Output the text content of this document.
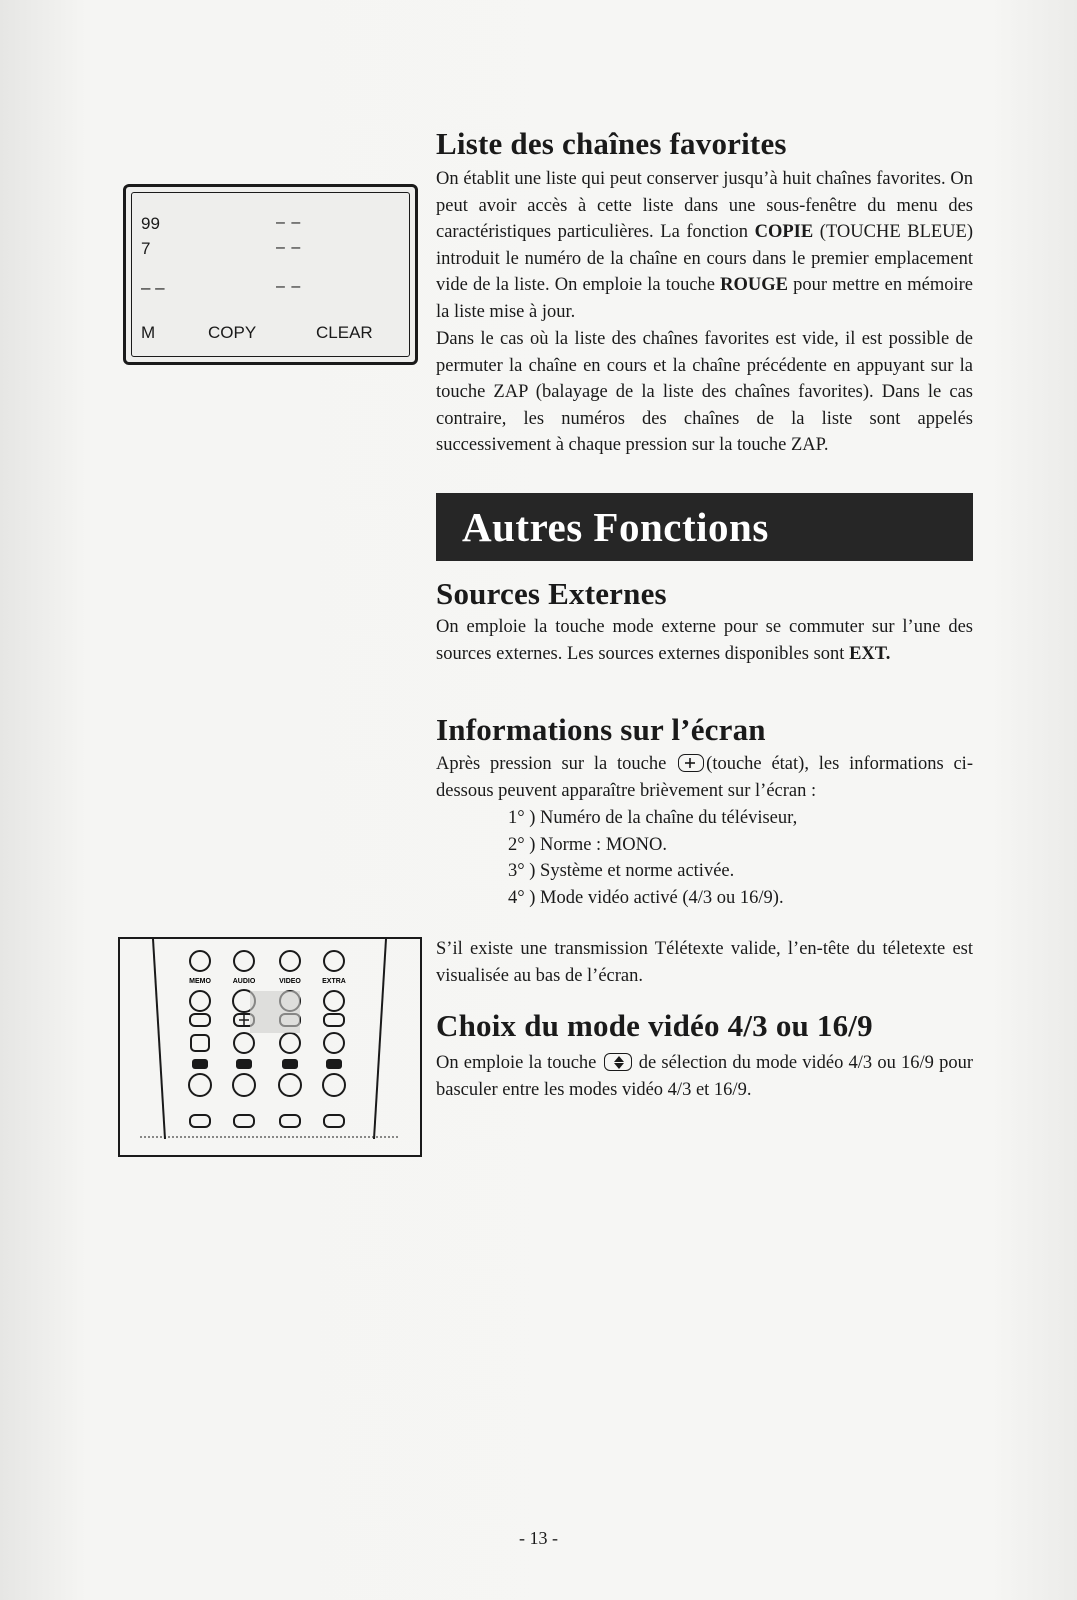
Liste des chaînes favorites
On établit une liste qui peut conserver jusqu’à huit chaînes favorites. On peut avoir accès à cette liste dans une sous-fenêtre du menu des caractéristiques particulières. La fonction COPIE (TOUCHE BLEUE) introduit le numéro de la chaîne en cours dans le premier emplacement vide de la liste. On emploie la touche ROUGE pour mettre en mémoire la liste mise à jour.
Dans le cas où la liste des chaînes favorites est vide, il est possible de permuter la chaîne en cours et la chaîne précédente en appuyant sur la touche ZAP (balayage de la liste des chaînes favorites). Dans le cas contraire, les numéros des chaînes de la liste sont appelés successivement à chaque pression sur la touche ZAP.
99
7
– –
– –
– –
– –
M	COPY	CLEAR
Autres Fonctions
Sources Externes
On emploie la touche mode externe pour se commuter sur l’une des sources externes. Les sources externes disponibles sont EXT.
Informations sur l’écran
Après pression sur la touche
(touche état), les informations ci-dessous peuvent apparaître brièvement sur l’écran :
1° ) Numéro de la chaîne du téléviseur,
2° ) Norme : MONO.
3° ) Système et norme activée.
4° ) Mode vidéo activé (4/3 ou 16/9).
S’il existe une transmission Télétexte valide, l’en-tête du téletexte est visualisée au bas de l’écran.
Choix du mode vidéo 4/3 ou 16/9
On emploie la touche
de sélection du mode vidéo 4/3 ou 16/9 pour basculer entre les modes vidéo 4/3 et 16/9.
MEMO	AUDIO	VIDEO	EXTRA
- 13 -
